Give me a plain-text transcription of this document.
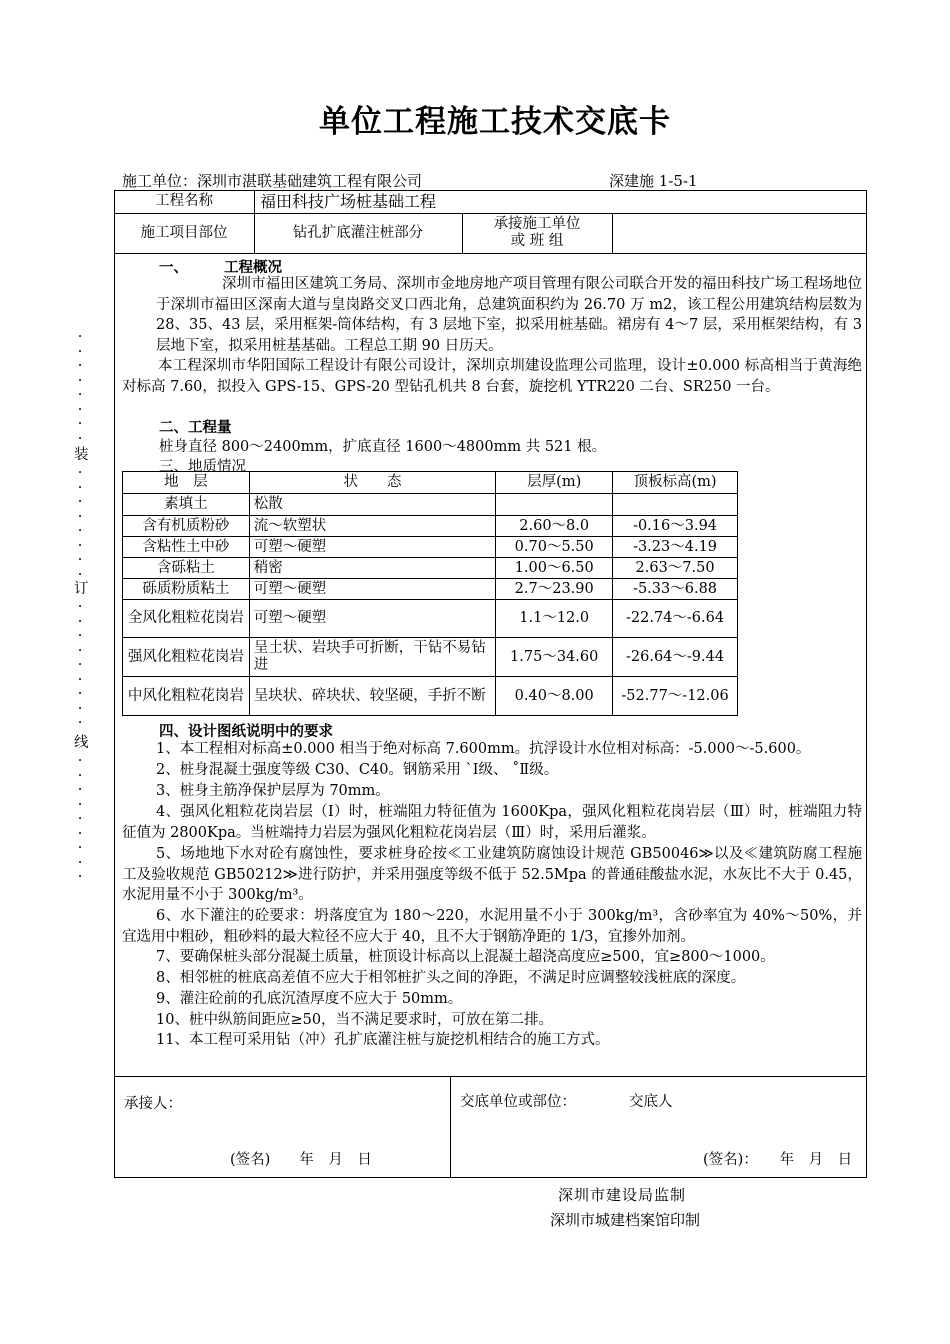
单位工程施工技术交底卡
施工单位：深圳市湛联基础建筑工程有限公司	深建施 1-5-1
·
·
·
·
·
·
·
·
装
·
·
·
·
·
·
·
·
订
·
·
·
·
·
·
·
·
·
线
·
·
·
·
·
·
·
·
·
工程名称	福田科技广场桩基础工程
施工项目部位	钻孔扩底灌注桩部分
承接施工单位
或 班 组
一、 工程概况
深圳市福田区建筑工务局、深圳市金地房地产项目管理有限公司联合开发的福田科技广场工程场地位于深圳市福田区深南大道与皇岗路交叉口西北角，总建筑面积约为 26.70 万 m2，该工程公用建筑结构层数为 28、35、43 层，采用框架-筒体结构，有 3 层地下室，拟采用桩基础。裙房有 4～7 层，采用框架结构，有 3 层地下室，拟采用桩基基础。工程总工期 90 日历天。
本工程深圳市华阳国际工程设计有限公司设计，深圳京圳建设监理公司监理，设计±0.000 标高相当于黄海绝对标高 7.60，拟投入 GPS-15、GPS-20 型钻孔机共 8 台套，旋挖机 YTR220 二台、SR250 一台。
二、工程量
桩身直径 800～2400mm，扩底直径 1600～4800mm 共 521 根。
三、地质情况
地　层	状　　态	层厚(m)	顶板标高(m)
素填土	松散		
含有机质粉砂	流～软塑状	2.60～8.0	-0.16～3.94
含粘性土中砂	可塑～硬塑	0.70～5.50	-3.23～4.19
含砾粘土	稍密	1.00～6.50	2.63～7.50
砾质粉质粘土	可塑～硬塑	2.7～23.90	-5.33～6.88
全风化粗粒花岗岩	可塑～硬塑	1.1～12.0	-22.74～-6.64
强风化粗粒花岗岩	呈土状、岩块手可折断，干钻不易钻进	1.75～34.60	-26.64～-9.44
中风化粗粒花岗岩	呈块状、碎块状、较坚硬，手折不断	0.40～8.00	-52.77～-12.06
四、设计图纸说明中的要求
1、本工程相对标高±0.000 相当于绝对标高 7.600mm。抗浮设计水位相对标高：-5.000～-5.600。
2、桩身混凝土强度等级 C30、C40。钢筋采用 `Ⅰ级、 ˚Ⅱ级。
3、桩身主筋净保护层厚为 70mm。
4、强风化粗粒花岗岩层（Ⅰ）时，桩端阻力特征值为 1600Kpa，强风化粗粒花岗岩层（Ⅲ）时，桩端阻力特征值为 2800Kpa。当桩端持力岩层为强风化粗粒花岗岩层（Ⅲ）时，采用后灌浆。
5、场地地下水对砼有腐蚀性，要求桩身砼按≪工业建筑防腐蚀设计规范 GB50046≫以及≪建筑防腐工程施工及验收规范 GB50212≫进行防护，并采用强度等级不低于 52.5Mpa 的普通硅酸盐水泥，水灰比不大于 0.45，水泥用量不小于 300kg/m³。
6、水下灌注的砼要求：坍落度宜为 180～220，水泥用量不小于 300kg/m³，含砂率宜为 40%～50%，并宜选用中粗砂，粗砂料的最大粒径不应大于 40，且不大于钢筋净距的 1/3，宜掺外加剂。
7、要确保桩头部分混凝土质量，桩顶设计标高以上混凝土超浇高度应≥500，宜≥800～1000。
8、相邻桩的桩底高差值不应大于相邻桩扩头之间的净距，不满足时应调整较浅桩底的深度。
9、灌注砼前的孔底沉渣厚度不应大于 50mm。
10、桩中纵筋间距应≥50，当不满足要求时，可放在第二排。
11、本工程可采用钻（冲）孔扩底灌注桩与旋挖机相结合的施工方式。
承接人：
(签名)　　年　月　日
交底单位或部位：	交底人
(签名)：　　年　月　日
深圳市建设局监制
深圳市城建档案馆印制
